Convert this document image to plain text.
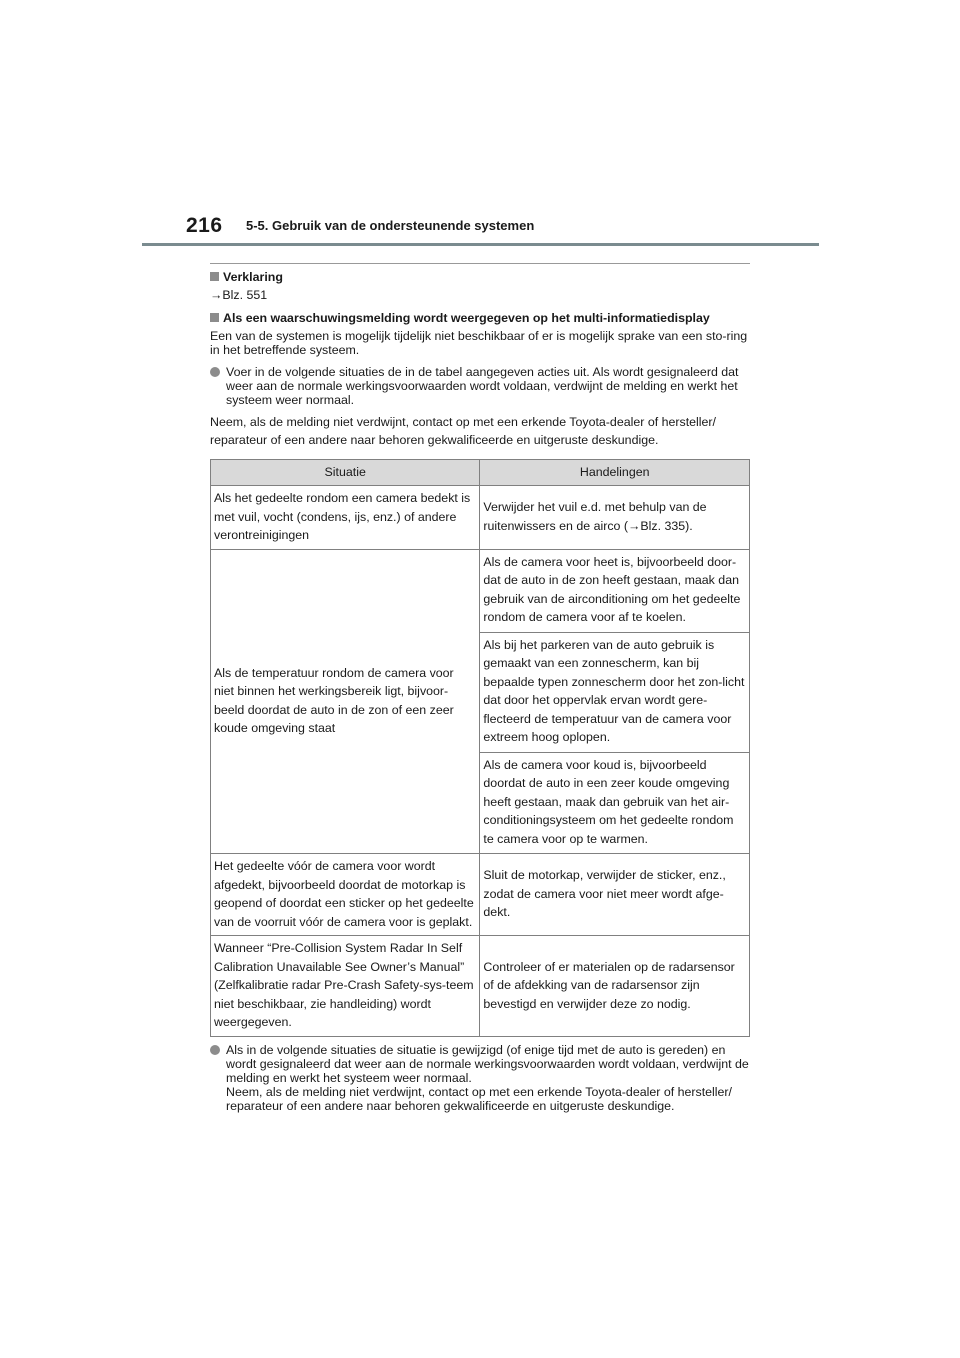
216 5-5. Gebruik van de ondersteunende systemen
Verklaring
→Blz. 551
Als een waarschuwingsmelding wordt weergegeven op het multi-informatiedisplay
Een van de systemen is mogelijk tijdelijk niet beschikbaar of er is mogelijk sprake van een sto-ring in het betreffende systeem.
Voer in de volgende situaties de in de tabel aangegeven acties uit. Als wordt gesignaleerd dat weer aan de normale werkingsvoorwaarden wordt voldaan, verdwijnt de melding en werkt het systeem weer normaal.
Neem, als de melding niet verdwijnt, contact op met een erkende Toyota-dealer of hersteller/ reparateur of een andere naar behoren gekwalificeerde en uitgeruste deskundige.
Situatie	Handelingen
Als het gedeelte rondom een camera bedekt is met vuil, vocht (condens, ijs, enz.) of andere verontreinigingen	Verwijder het vuil e.d. met behulp van de ruitenwissers en de airco (→Blz. 335).
Als de temperatuur rondom de camera voor niet binnen het werkingsbereik ligt, bijvoor-beeld doordat de auto in de zon of een zeer koude omgeving staat	Als de camera voor heet is, bijvoorbeeld door-dat de auto in de zon heeft gestaan, maak dan gebruik van de airconditioning om het gedeelte rondom de camera voor af te koelen.
Als bij het parkeren van de auto gebruik is gemaakt van een zonnescherm, kan bij bepaalde typen zonnescherm door het zon-licht dat door het oppervlak ervan wordt gere-flecteerd de temperatuur van de camera voor extreem hoog oplopen.
Als de camera voor koud is, bijvoorbeeld doordat de auto in een zeer koude omgeving heeft gestaan, maak dan gebruik van het air-conditioningsysteem om het gedeelte rondom te camera voor op te warmen.

Het gedeelte vóór de camera voor wordt afgedekt, bijvoorbeeld doordat de motorkap is geopend of doordat een sticker op het gedeelte van de voorruit vóór de camera voor is geplakt.	Sluit de motorkap, verwijder de sticker, enz., zodat de camera voor niet meer wordt afge-dekt.
Wanneer “Pre-Collision System Radar In Self Calibration Unavailable See Owner’s Manual” (Zelfkalibratie radar Pre-Crash Safety-sys-teem niet beschikbaar, zie handleiding) wordt weergegeven.	Controleer of er materialen op de radarsensor of de afdekking van de radarsensor zijn bevestigd en verwijder deze zo nodig.
Als in de volgende situaties de situatie is gewijzigd (of enige tijd met de auto is gereden) en wordt gesignaleerd dat weer aan de normale werkingsvoorwaarden wordt voldaan, verdwijnt de melding en werkt het systeem weer normaal.
Neem, als de melding niet verdwijnt, contact op met een erkende Toyota-dealer of hersteller/ reparateur of een andere naar behoren gekwalificeerde en uitgeruste deskundige.
